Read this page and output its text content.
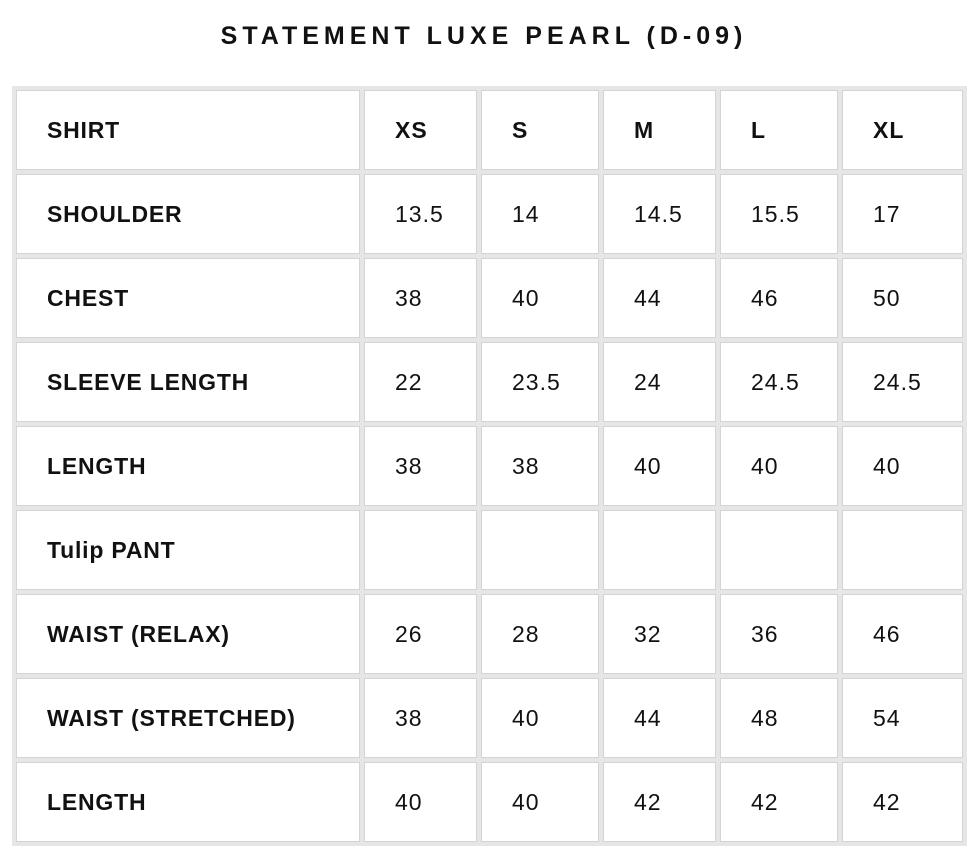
STATEMENT LUXE PEARL (D-09)
SHIRT	XS	S	M	L	XL
SHOULDER	13.5	14	14.5	15.5	17
CHEST	38	40	44	46	50
SLEEVE LENGTH	22	23.5	24	24.5	24.5
LENGTH	38	38	40	40	40
Tulip PANT					
WAIST (RELAX)	26	28	32	36	46
WAIST (STRETCHED)	38	40	44	48	54
LENGTH	40	40	42	42	42
